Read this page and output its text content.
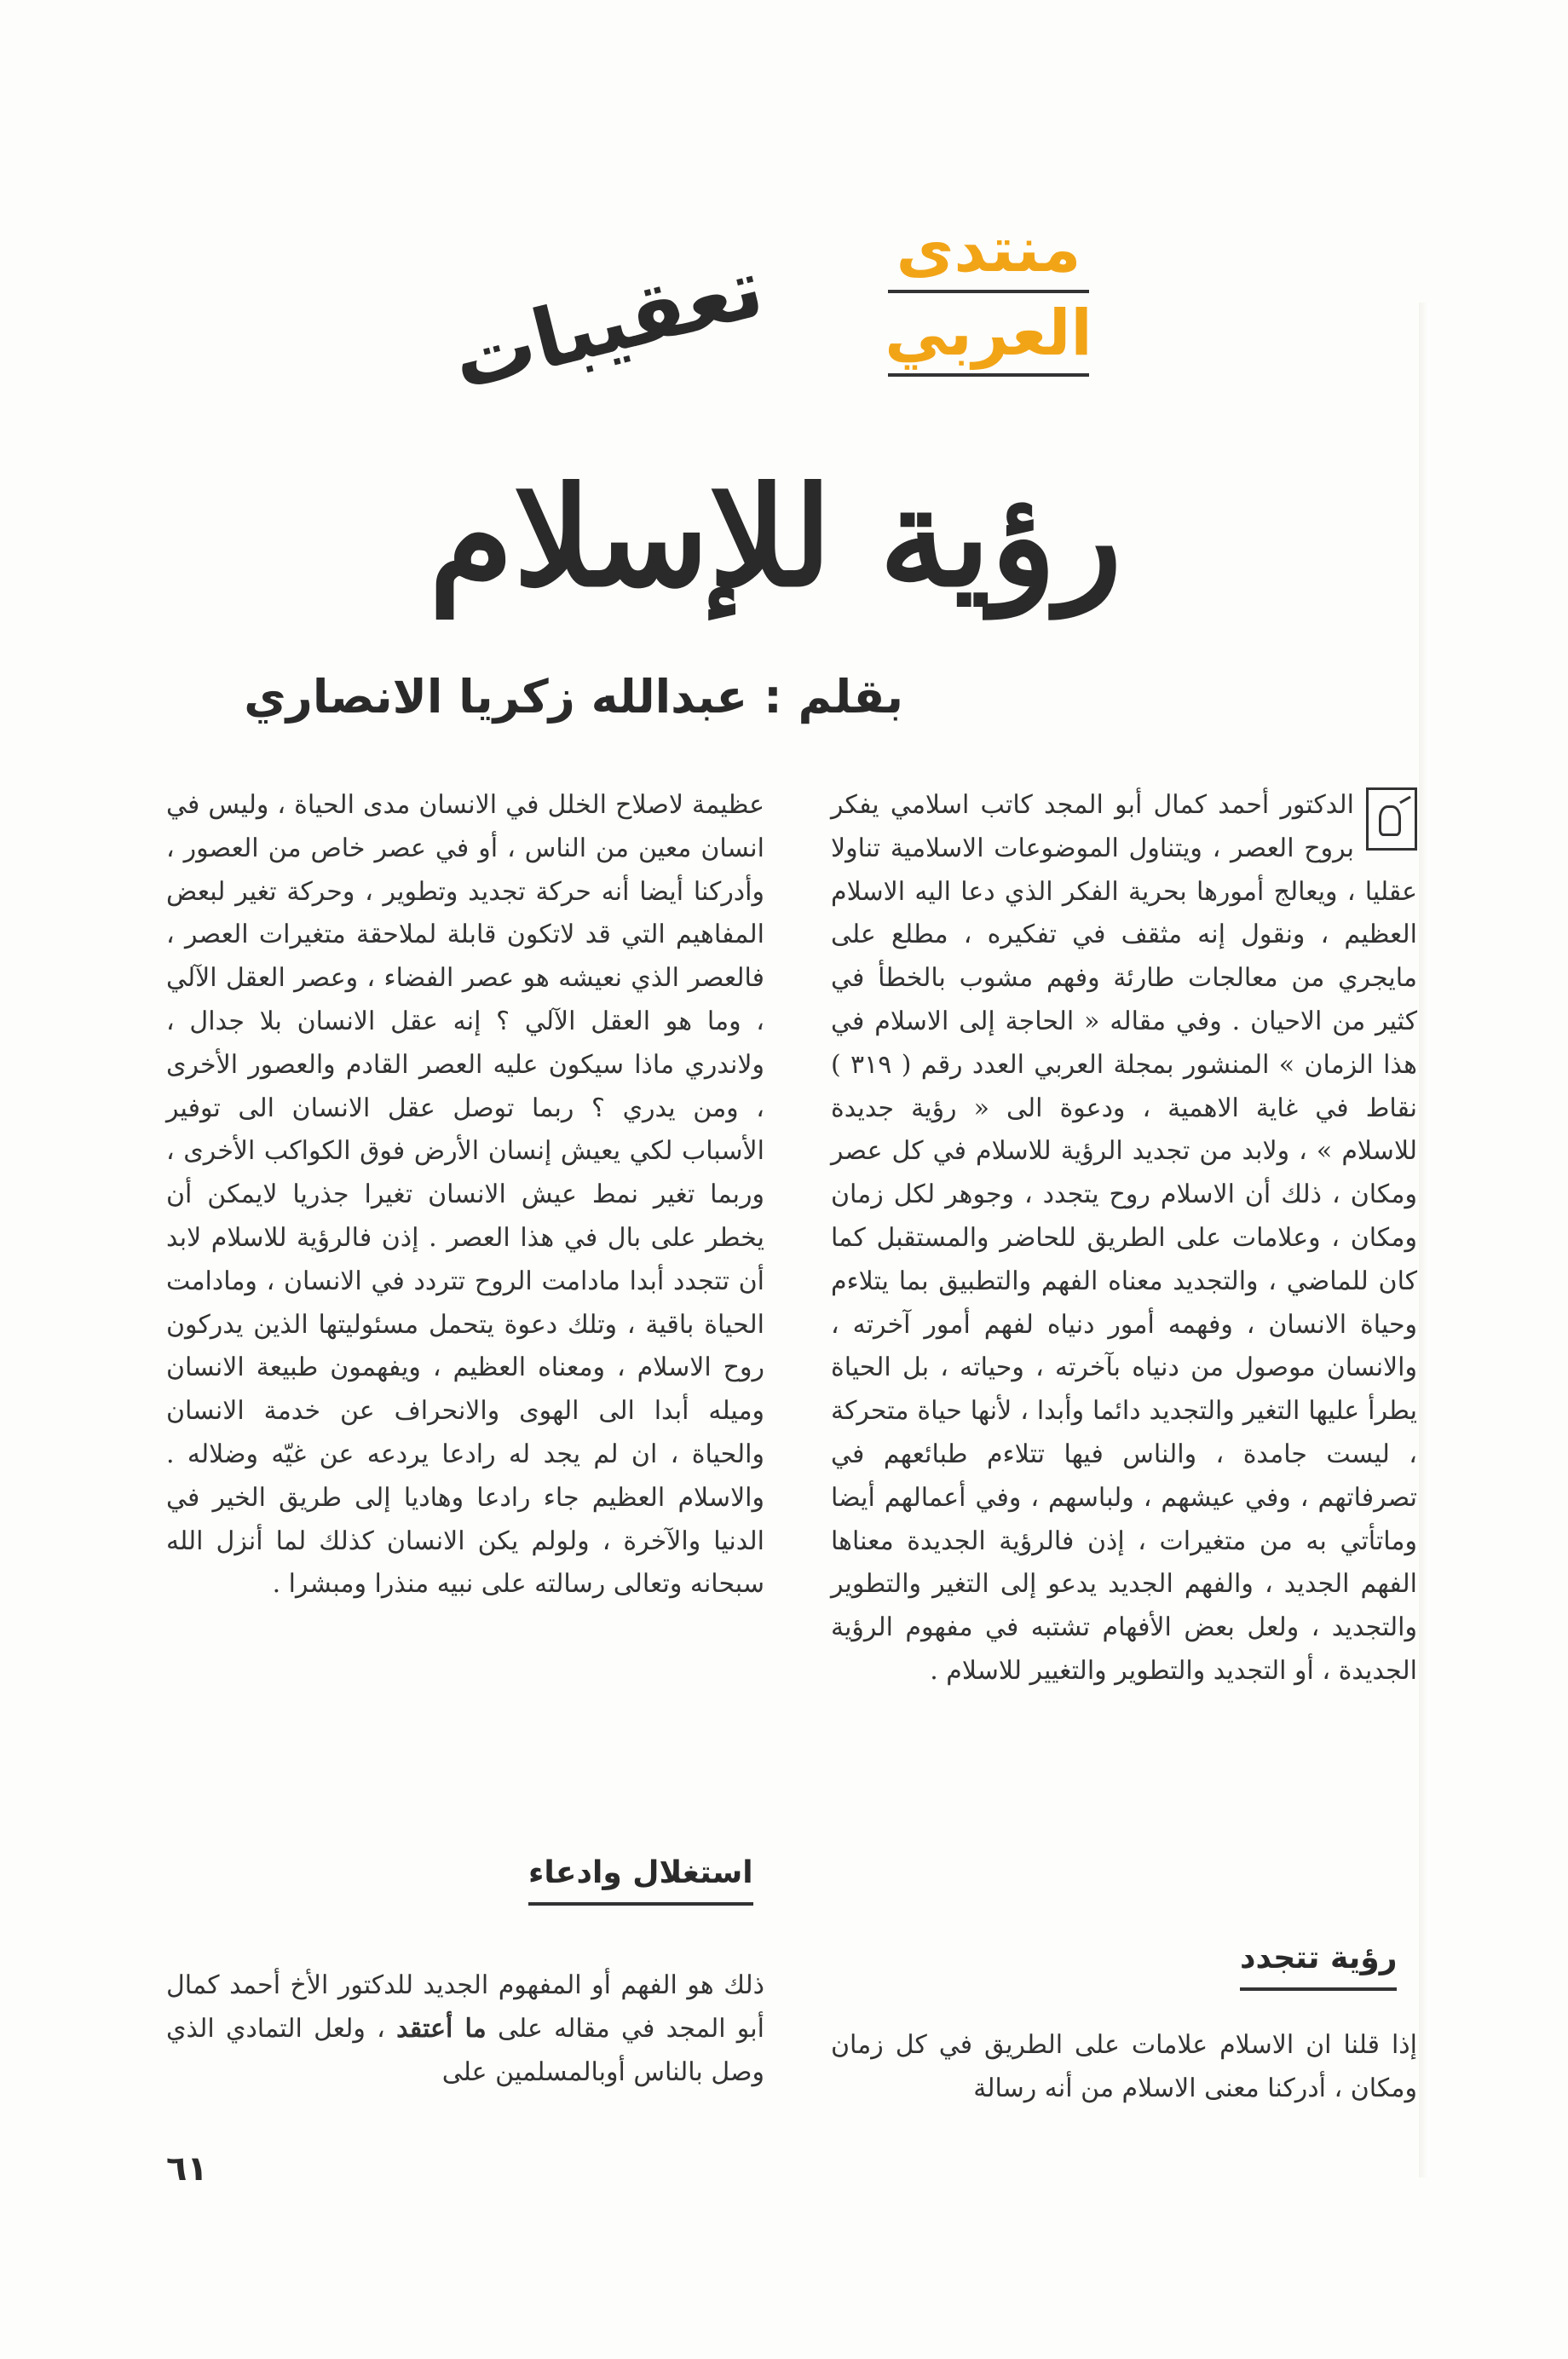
منتدى
العربي
تعقيبات
رؤية للإسلام
بقلم : عبدالله زكريا الانصاري

الدكتور أحمد كمال أبو المجد كاتب اسلامي يفكر بروح العصر ، ويتناول الموضوعات الاسلامية تناولا عقليا ، ويعالج أمورها بحرية الفكر الذي دعا اليه الاسلام العظيم ، ونقول إنه مثقف في تفكيره ، مطلع على مايجري من معالجات طارئة وفهم مشوب بالخطأ في كثير من الاحيان . وفي مقاله « الحاجة إلى الاسلام في هذا الزمان » المنشور بمجلة العربي العدد رقم ( ٣١٩ ) نقاط في غاية الاهمية ، ودعوة الى « رؤية جديدة للاسلام » ، ولابد من تجديد الرؤية للاسلام في كل عصر ومكان ، ذلك أن الاسلام روح يتجدد ، وجوهر لكل زمان ومكان ، وعلامات على الطريق للحاضر والمستقبل كما كان للماضي ، والتجديد معناه الفهم والتطبيق بما يتلاءم وحياة الانسان ، وفهمه أمور دنياه لفهم أمور آخرته ، والانسان موصول من دنياه بآخرته ، وحياته ، بل الحياة يطرأ عليها التغير والتجديد دائما وأبدا ، لأنها حياة متحركة ، ليست جامدة ، والناس فيها تتلاءم طبائعهم في تصرفاتهم ، وفي عيشهم ، ولباسهم ، وفي أعمالهم أيضا وماتأتي به من متغيرات ، إذن فالرؤية الجديدة معناها الفهم الجديد ، والفهم الجديد يدعو إلى التغير والتطوير والتجديد ، ولعل بعض الأفهام تشتبه في مفهوم الرؤية الجديدة ، أو التجديد والتطوير والتغيير للاسلام .

رؤية تتجدد

إذا قلنا ان الاسلام علامات على الطريق في كل زمان ومكان ، أدركنا معنى الاسلام من أنه رسالة

عظيمة لاصلاح الخلل في الانسان مدى الحياة ، وليس في انسان معين من الناس ، أو في عصر خاص من العصور ، وأدركنا أيضا أنه حركة تجديد وتطوير ، وحركة تغير لبعض المفاهيم التي قد لاتكون قابلة لملاحقة متغيرات العصر ، فالعصر الذي نعيشه هو عصر الفضاء ، وعصر العقل الآلي ، وما هو العقل الآلي ؟ إنه عقل الانسان بلا جدال ، ولاندري ماذا سيكون عليه العصر القادم والعصور الأخرى ، ومن يدري ؟ ربما توصل عقل الانسان الى توفير الأسباب لكي يعيش إنسان الأرض فوق الكواكب الأخرى ، وربما تغير نمط عيش الانسان تغيرا جذريا لايمكن أن يخطر على بال في هذا العصر . إذن فالرؤية للاسلام لابد أن تتجدد أبدا مادامت الروح تتردد في الانسان ، ومادامت الحياة باقية ، وتلك دعوة يتحمل مسئوليتها الذين يدركون روح الاسلام ، ومعناه العظيم ، ويفهمون طبيعة الانسان وميله أبدا الى الهوى والانحراف عن خدمة الانسان والحياة ، ان لم يجد له رادعا يردعه عن غيّه وضلاله . والاسلام العظيم جاء رادعا وهاديا إلى طريق الخير في الدنيا والآخرة ، ولولم يكن الانسان كذلك لما أنزل الله سبحانه وتعالى رسالته على نبيه منذرا ومبشرا .

استغلال وادعاء

ذلك هو الفهم أو المفهوم الجديد للدكتور الأخ أحمد كمال أبو المجد في مقاله على ما أعتقد ، ولعل التمادي الذي وصل بالناس أوبالمسلمين على

٦١
